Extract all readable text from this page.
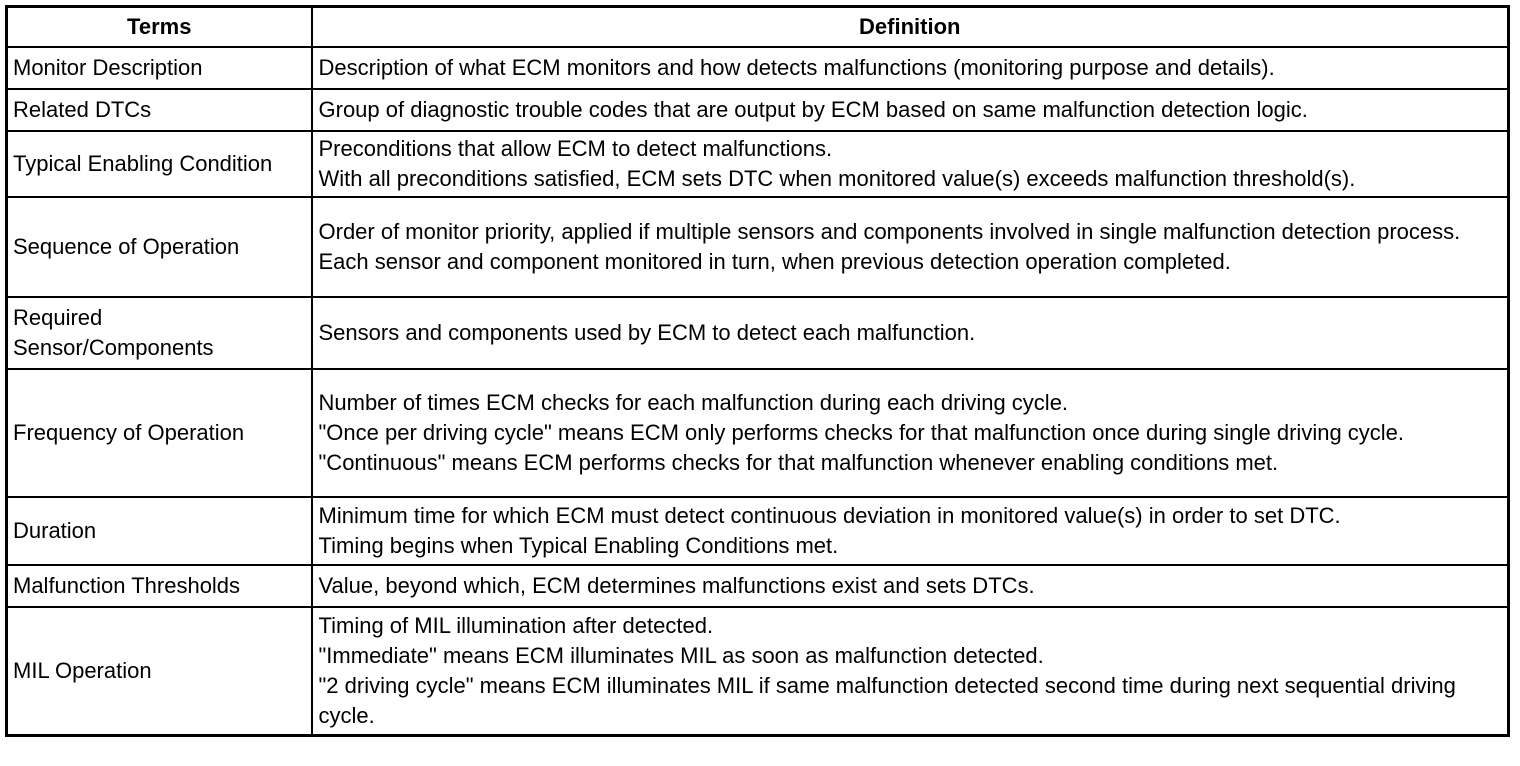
Terms	Definition
Monitor Description	Description of what ECM monitors and how detects malfunctions (monitoring purpose and details).

Related DTCs	Group of diagnostic trouble codes that are output by ECM based on same malfunction detection logic.

Typical Enabling Condition	Preconditions that allow ECM to detect malfunctions.
With all preconditions satisfied, ECM sets DTC when monitored value(s) exceeds malfunction threshold(s).

Sequence of Operation	Order of monitor priority, applied if multiple sensors and components involved in single malfunction detection process.
Each sensor and component monitored in turn, when previous detection operation completed.

Required Sensor/Components	Sensors and components used by ECM to detect each malfunction.

Frequency of Operation	Number of times ECM checks for each malfunction during each driving cycle.
"Once per driving cycle" means ECM only performs checks for that malfunction once during single driving cycle.
"Continuous" means ECM performs checks for that malfunction whenever enabling conditions met.

Duration	Minimum time for which ECM must detect continuous deviation in monitored value(s) in order to set DTC.
Timing begins when Typical Enabling Conditions met.

Malfunction Thresholds	Value, beyond which, ECM determines malfunctions exist and sets DTCs.

MIL Operation	Timing of MIL illumination after detected.
"Immediate" means ECM illuminates MIL as soon as malfunction detected.
"2 driving cycle" means ECM illuminates MIL if same malfunction detected second time during next sequential driving cycle.
